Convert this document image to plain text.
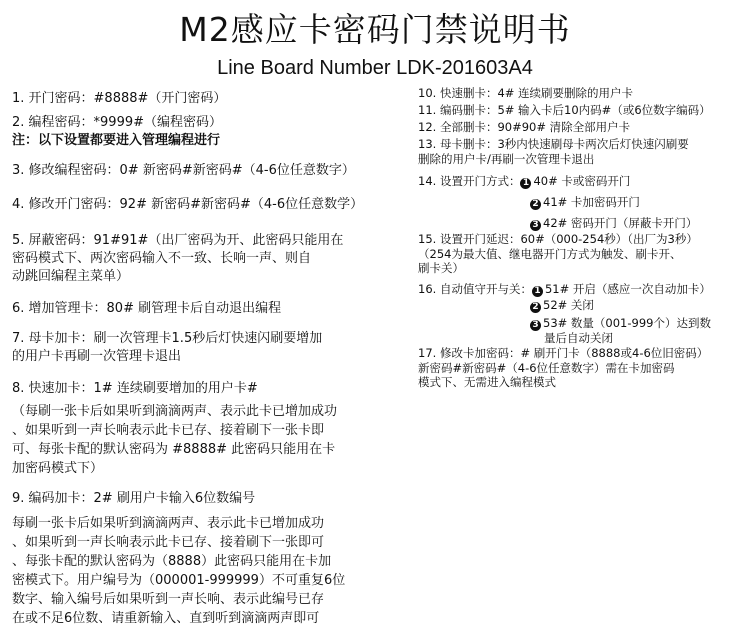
M2感应卡密码门禁说明书
Line Board Number LDK-201603A4
1. 开门密码：#8888#（开门密码）
2. 编程密码：*9999#（编程密码）
注：以下设置都要进入管理编程进行
3. 修改编程密码：0# 新密码#新密码#（4-6位任意数字）
4. 修改开门密码：92# 新密码#新密码#（4-6位任意数学）
5. 屏蔽密码：91#91#（出厂密码为开、此密码只能用在
密码模式下、两次密码输入不一致、长响一声、则自
动跳回编程主菜单）
6. 增加管理卡：80# 刷管理卡后自动退出编程
7. 母卡加卡：刷一次管理卡1.5秒后灯快速闪刷要增加
的用户卡再刷一次管理卡退出
8. 快速加卡：1# 连续刷要增加的用户卡#
（每刷一张卡后如果听到滴滴两声、表示此卡已增加成功
、如果听到一声长响表示此卡已存、接着刷下一张卡即
可、每张卡配的默认密码为 #8888# 此密码只能用在卡
加密码模式下）
9. 编码加卡：2# 刷用户卡输入6位数编号
每刷一张卡后如果听到滴滴两声、表示此卡已增加成功
、如果听到一声长响表示此卡已存、接着刷下一张即可
、每张卡配的默认密码为（8888）此密码只能用在卡加
密模式下。用户编号为（000001-999999）不可重复6位
数字、输入编号后如果听到一声长响、表示此编号已存
在或不足6位数、请重新输入、直到听到滴滴两声即可
10. 快速删卡：4# 连续刷要删除的用户卡
11. 编码删卡：5# 输入卡后10内码#（或6位数字编码）
12. 全部删卡：90#90# 清除全部用户卡
13. 母卡删卡：3秒内快速刷母卡两次后灯快速闪刷要
删除的用户卡/再刷一次管理卡退出
14. 设置开门方式： 1 40# 卡或密码开门
2 41# 卡加密码开门
3 42# 密码开门（屏蔽卡开门）
15. 设置开门延迟：60#（000-254秒）（出厂为3秒）
（254为最大值、继电器开门方式为触发、刷卡开、
刷卡关）
16. 自动值守开与关： 1 51# 开启（感应一次自动加卡）
2 52# 关闭
3 53# 数量（001-999个）达到数
量后自动关闭
17. 修改卡加密码：# 刷开门卡（8888或4-6位旧密码）
新密码#新密码#（4-6位任意数字）需在卡加密码
模式下、无需进入编程模式
